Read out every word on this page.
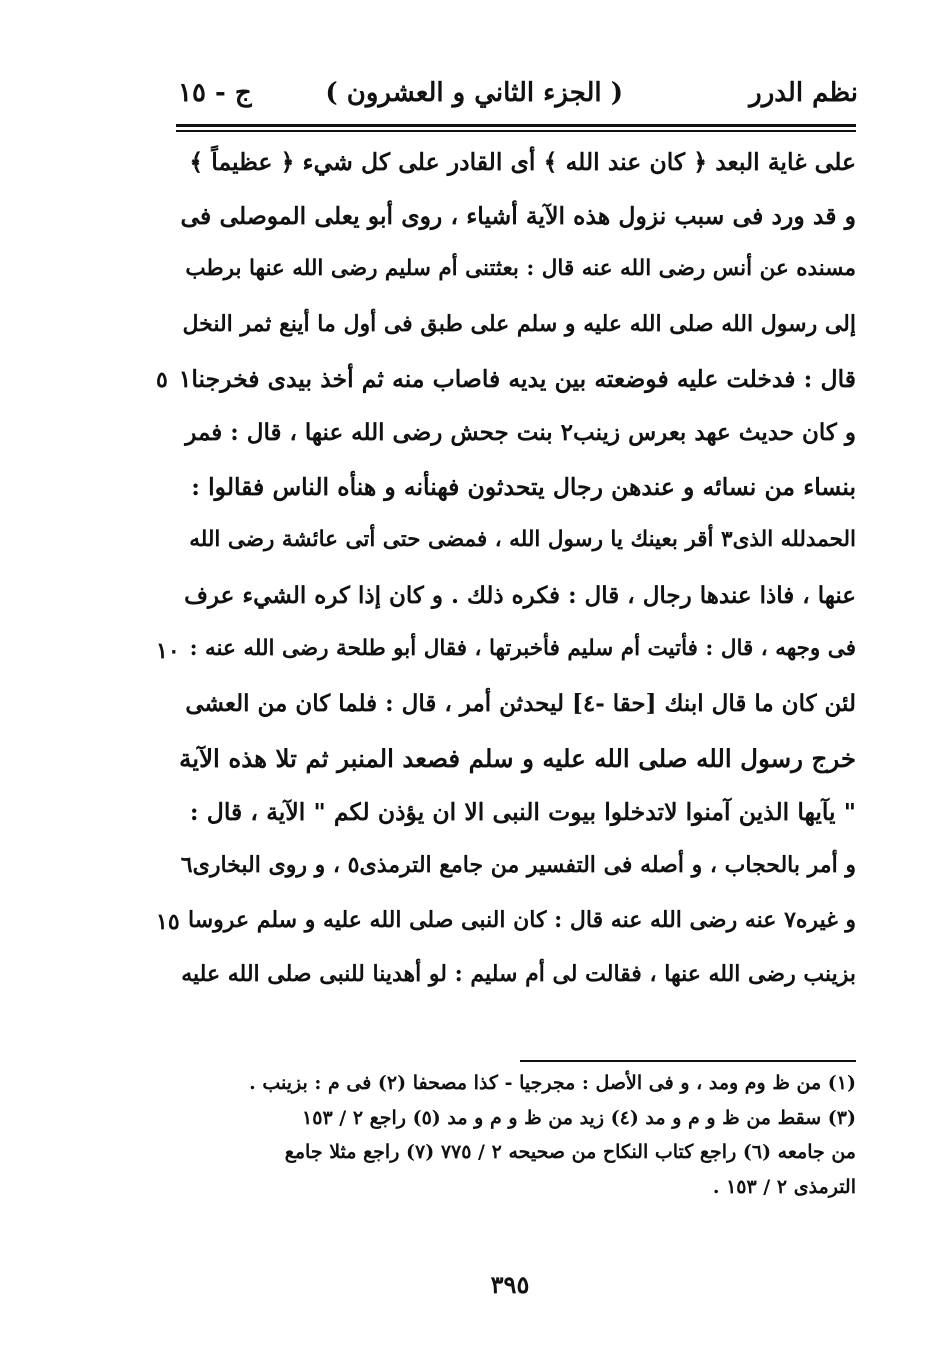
نظم الدرر
( الجزء الثاني و العشرون )
ج - ١٥
على غاية البعد ﴿ كان عند الله ﴾ أى القادر على كل شيء ﴿ عظيماً ﴾
و قد ورد فى سبب نزول هذه الآية أشياء ، روى أبو يعلى الموصلى فى
مسنده عن أنس رضى الله عنه قال : بعثتنى أم سليم رضى الله عنها برطب
إلى رسول الله صلى الله عليه و سلم على طبق فى أول ما أينع ثمر النخل
قال : فدخلت عليه فوضعته بين يديه فاصاب منه ثم أخذ بيدى فخرجنا١
٥
و كان حديث عهد بعرس زينب٢ بنت جحش رضى الله عنها ، قال : فمر
بنساء من نسائه و عندهن رجال يتحدثون فهنأنه و هنأه الناس فقالوا :
الحمدلله الذى٣ أقر بعينك يا رسول الله ، فمضى حتى أتى عائشة رضى الله
عنها ، فاذا عندها رجال ، قال : فكره ذلك . و كان إذا كره الشيء عرف
فى وجهه ، قال : فأتيت أم سليم فأخبرتها ، فقال أبو طلحة رضى الله عنه :
١٠
لئن كان ما قال ابنك [حقا -٤] ليحدثن أمر ، قال : فلما كان من العشى
خرج رسول الله صلى الله عليه و سلم فصعد المنبر ثم تلا هذه الآية
" يآيها الذين آمنوا لاتدخلوا بيوت النبى الا ان يؤذن لكم " الآية ، قال :
و أمر بالحجاب ، و أصله فى التفسير من جامع الترمذى٥ ، و روى البخارى٦
و غيره٧ عنه رضى الله عنه قال : كان النبى صلى الله عليه و سلم عروسا
١٥
بزينب رضى الله عنها ، فقالت لى أم سليم : لو أهدينا للنبى صلى الله عليه
(١) من ظ وم ومد ، و فى الأصل : مجرجيا - كذا مصحفا (٢) فى م : بزينب .
(٣) سقط من ظ و م و مد (٤) زيد من ظ و م و مد (٥) راجع ٢ / ١٥٣
من جامعه (٦) راجع كتاب النكاح من صحيحه ٢ / ٧٧٥ (٧) راجع مثلا جامع
الترمذى ٢ / ١٥٣ .
٣٩٥
